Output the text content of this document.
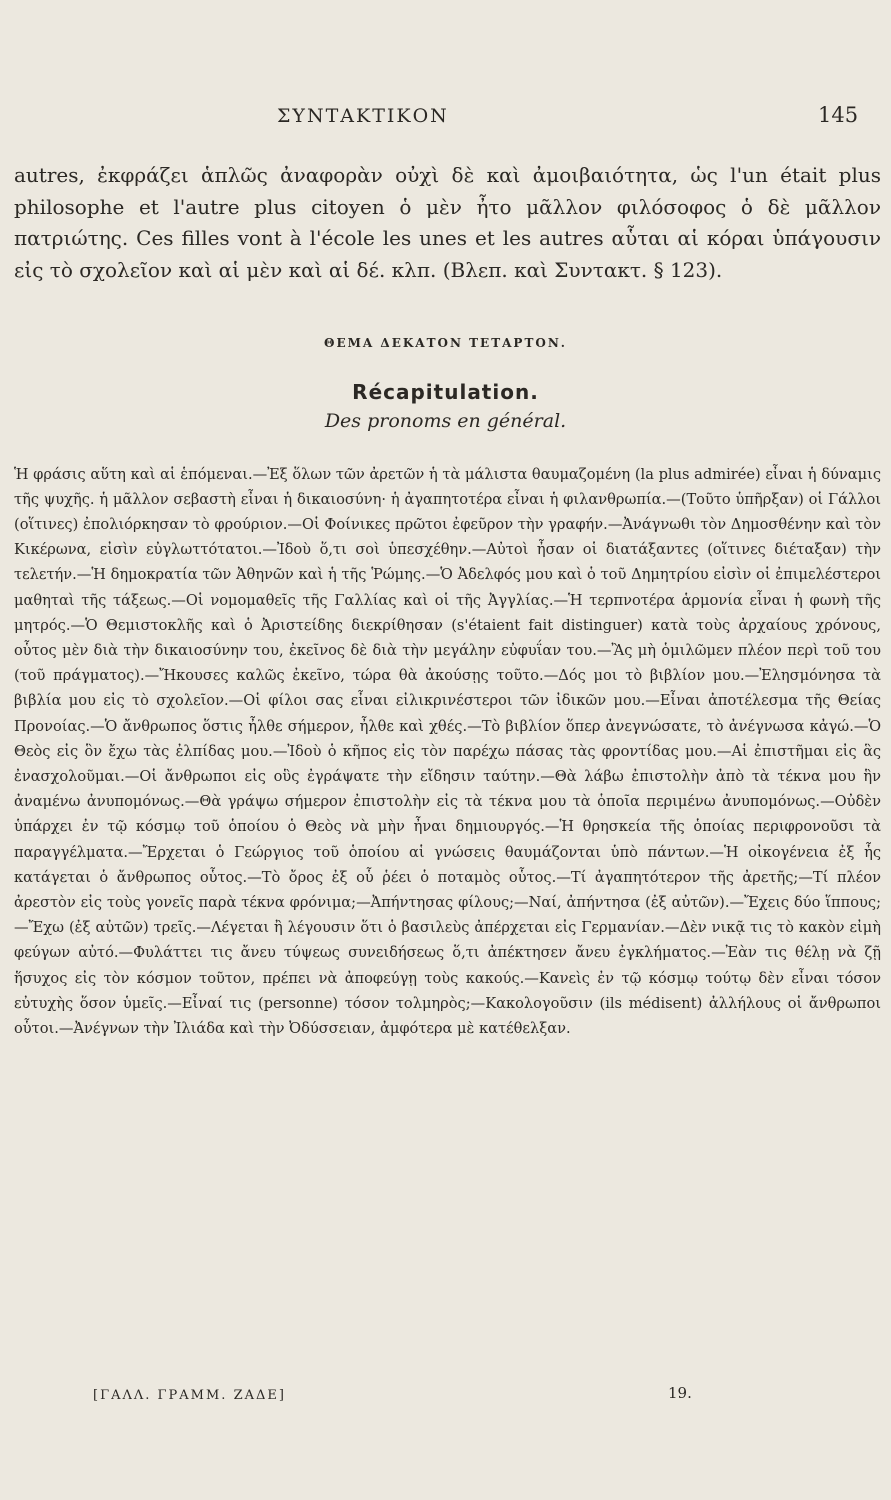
ΣΥΝΤΑΚΤΙΚΟΝ	145

autres, ἐκφράζει ἁπλῶς ἀναφορὰν οὐχὶ δὲ καὶ ἀμοιβαιότητα, ὡς l'un était plus philosophe et l'autre plus citoyen ὁ μὲν ἦτο μᾶλλον φιλόσοφος ὁ δὲ μᾶλλον πατριώτης. Ces filles vont à l'école les unes et les autres αὗται αἱ κόραι ὑπάγουσιν εἰς τὸ σχολεῖον καὶ αἱ μὲν καὶ αἱ δέ. κλπ. (Βλεπ. καὶ Συντακτ. § 123).

ΘΕΜΑ ΔΕΚΑΤΟΝ ΤΕΤΑΡΤΟΝ.
Récapitulation.
Des pronoms en général.

Ἡ φράσις αὕτη καὶ αἱ ἑπόμεναι.—Ἐξ ὅλων τῶν ἀρετῶν ἡ τὰ μάλιστα θαυμαζομένη (la plus admirée) εἶναι ἡ δύναμις τῆς ψυχῆς. ἡ μᾶλλον σεβαστὴ εἶναι ἡ δικαιοσύνη· ἡ ἀγαπητοτέρα εἶναι ἡ φιλανθρωπία.—(Τοῦτο ὑπῆρξαν) οἱ Γάλλοι (οἵτινες) ἐπολιόρκησαν τὸ φρούριον.—Οἱ Φοίνικες πρῶτοι ἐφεῦρον τὴν γραφήν.—Ἀνάγνωθι τὸν Δημοσθένην καὶ τὸν Κικέρωνα, εἰσὶν εὐγλωττότατοι.—Ἰδοὺ ὅ,τι σοὶ ὑπεσχέθην.—Αὐτοὶ ἦσαν οἱ διατάξαντες (οἵτινες διέταξαν) τὴν τελετήν.—Ἡ δημοκρατία τῶν Ἀθηνῶν καὶ ἡ τῆς Ῥώμης.—Ὁ Ἀδελφός μου καὶ ὁ τοῦ Δημητρίου εἰσὶν οἱ ἐπιμελέστεροι μαθηταὶ τῆς τάξεως.—Οἱ νομομαθεῖς τῆς Γαλλίας καὶ οἱ τῆς Ἀγγλίας.—Ἡ τερπνοτέρα ἁρμονία εἶναι ἡ φωνὴ τῆς μητρός.—Ὁ Θεμιστοκλῆς καὶ ὁ Ἀριστείδης διεκρίθησαν (s'étaient fait distinguer) κατὰ τοὺς ἀρχαίους χρόνους, οὗτος μὲν διὰ τὴν δικαιοσύνην του, ἐκεῖνος δὲ διὰ τὴν μεγάλην εὐφυΐαν του.—Ἂς μὴ ὁμιλῶμεν πλέον περὶ τοῦ του (τοῦ πράγματος).—Ἤκουσες καλῶς ἐκεῖνο, τώρα θὰ ἀκούσῃς τοῦτο.—Δός μοι τὸ βιβλίον μου.—Ἐλησμόνησα τὰ βιβλία μου εἰς τὸ σχολεῖον.—Οἱ φίλοι σας εἶναι εἰλικρινέστεροι τῶν ἰδικῶν μου.—Εἶναι ἀποτέλεσμα τῆς Θείας Προνοίας.—Ὁ ἄνθρωπος ὅστις ἦλθε σήμερον, ἦλθε καὶ χθές.—Τὸ βιβλίον ὅπερ ἀνεγνώσατε, τὸ ἀνέγνωσα κἀγώ.—Ὁ Θεὸς εἰς ὃν ἔχω τὰς ἐλπίδας μου.—Ἰδοὺ ὁ κῆπος εἰς τὸν παρέχω πάσας τὰς φροντίδας μου.—Αἱ ἐπιστῆμαι εἰς ἃς ἐνασχολοῦμαι.—Οἱ ἄνθρωποι εἰς οὓς ἐγράψατε τὴν εἴδησιν ταύτην.—Θὰ λάβω ἐπιστολὴν ἀπὸ τὰ τέκνα μου ἣν ἀναμένω ἀνυπομόνως.—Θὰ γράψω σήμερον ἐπιστολὴν εἰς τὰ τέκνα μου τὰ ὁποῖα περιμένω ἀνυπομόνως.—Οὐδὲν ὑπάρχει ἐν τῷ κόσμῳ τοῦ ὁποίου ὁ Θεὸς νὰ μὴν ἦναι δημιουργός.—Ἡ θρησκεία τῆς ὁποίας περιφρονοῦσι τὰ παραγγέλματα.—Ἔρχεται ὁ Γεώργιος τοῦ ὁποίου αἱ γνώσεις θαυμάζονται ὑπὸ πάντων.—Ἡ οἰκογένεια ἐξ ἧς κατάγεται ὁ ἄνθρωπος οὗτος.—Τὸ ὄρος ἐξ οὗ ῥέει ὁ ποταμὸς οὗτος.—Τί ἀγαπητότερον τῆς ἀρετῆς;—Τί πλέον ἀρεστὸν εἰς τοὺς γονεῖς παρὰ τέκνα φρόνιμα;—Ἀπήντησας φίλους;—Ναί, ἀπήντησα (ἐξ αὐτῶν).—Ἔχεις δύο ἵππους;—Ἔχω (ἐξ αὐτῶν) τρεῖς.—Λέγεται ἢ λέγουσιν ὅτι ὁ βασιλεὺς ἀπέρχεται εἰς Γερμανίαν.—Δὲν νικᾷ τις τὸ κακὸν εἰμὴ φεύγων αὐτό.—Φυλάττει τις ἄνευ τύψεως συνειδήσεως ὅ,τι ἀπέκτησεν ἄνευ ἐγκλήματος.—Ἐὰν τις θέλῃ νὰ ζῇ ἥσυχος εἰς τὸν κόσμον τοῦτον, πρέπει νὰ ἀποφεύγῃ τοὺς κακούς.—Κανεὶς ἐν τῷ κόσμῳ τούτῳ δὲν εἶναι τόσον εὐτυχὴς ὅσον ὑμεῖς.—Εἶναί τις (personne) τόσον τολμηρὸς;—Κακολογοῦσιν (ils médisent) ἀλλήλους οἱ ἄνθρωποι οὗτοι.—Ἀνέγνων τὴν Ἰλιάδα καὶ τὴν Ὀδύσσειαν, ἀμφότερα μὲ κατέθελξαν.

[ΓΑΛΛ. ΓΡΑΜΜ. ΖΑΔΕ]	19.
